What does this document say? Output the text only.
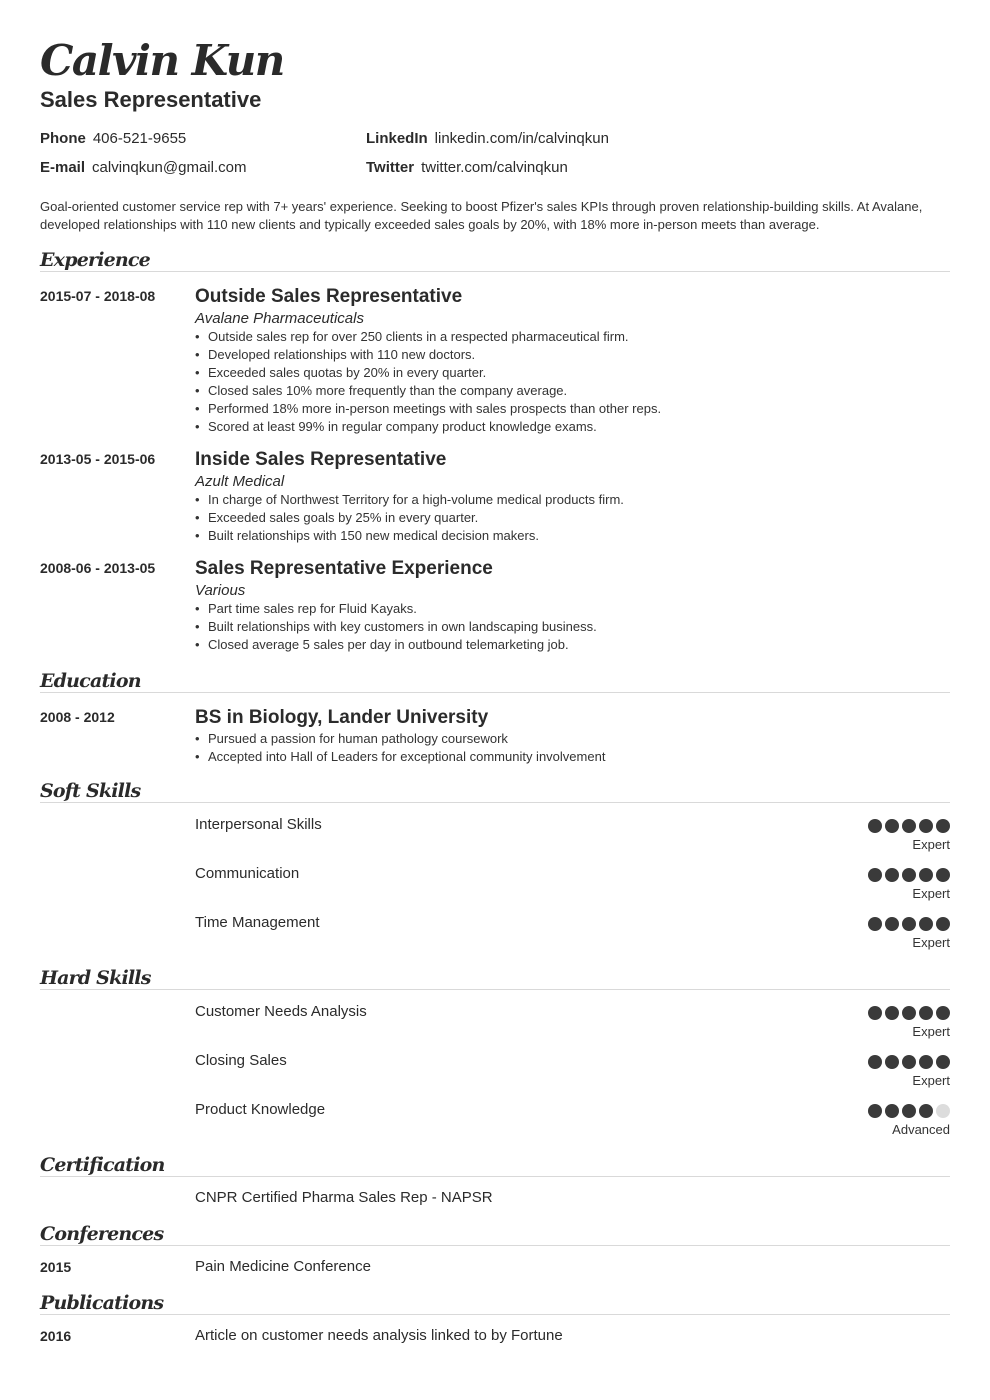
Calvin Kun
Sales Representative
Phone 406-521-9655
E-mail calvinqkun@gmail.com
LinkedIn linkedin.com/in/calvinqkun
Twitter twitter.com/calvinqkun
Goal-oriented customer service rep with 7+ years' experience. Seeking to boost Pfizer's sales KPIs through proven relationship-building skills. At Avalane, developed relationships with 110 new clients and typically exceeded sales goals by 20%, with 18% more in-person meets than average.
Experience
2015-07 - 2018-08 Outside Sales Representative
Avalane Pharmaceuticals
• Outside sales rep for over 250 clients in a respected pharmaceutical firm.
• Developed relationships with 110 new doctors.
• Exceeded sales quotas by 20% in every quarter.
• Closed sales 10% more frequently than the company average.
• Performed 18% more in-person meetings with sales prospects than other reps.
• Scored at least 99% in regular company product knowledge exams.
2013-05 - 2015-06 Inside Sales Representative
Azult Medical
• In charge of Northwest Territory for a high-volume medical products firm.
• Exceeded sales goals by 25% in every quarter.
• Built relationships with 150 new medical decision makers.
2008-06 - 2013-05 Sales Representative Experience
Various
• Part time sales rep for Fluid Kayaks.
• Built relationships with key customers in own landscaping business.
• Closed average 5 sales per day in outbound telemarketing job.
Education
2008 - 2012	BS in Biology, Lander University
• Pursued a passion for human pathology coursework
• Accepted into Hall of Leaders for exceptional community involvement
Soft Skills
Interpersonal Skills
Expert
Communication
Expert
Time Management
Expert
Hard Skills
Customer Needs Analysis
Expert
Closing Sales
Expert
Product Knowledge
Advanced
Certification
CNPR Certified Pharma Sales Rep - NAPSR
Conferences
2015	Pain Medicine Conference
Publications
2016	Article on customer needs analysis linked to by Fortune
